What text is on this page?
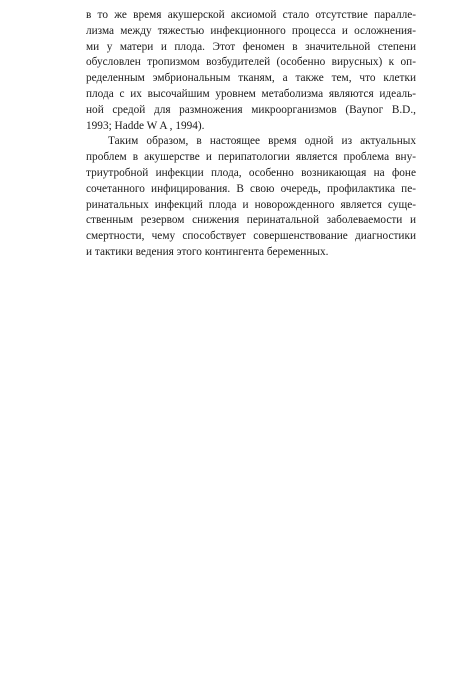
в то же время акушерской аксиомой стало отсутствие паралле-
лизма между тяжестью инфекционного процесса и осложнения-
ми у матери и плода. Этот феномен в значительной степени
обусловлен тропизмом возбудителей (особенно вирусных) к оп-
ределенным эмбриональным тканям, а также тем, что клетки
плода с их высочайшим уровнем метаболизма являются идеаль-
ной средой для размножения микроорганизмов (Bаynог B.D.,
1993; Hadde W A , 1994).
Таким образом, в настоящее время одной из актуальных
проблем в акушерстве и перипатологии является проблема вну-
триутробной инфекции плода, особенно возникающая на фоне
сочетанного инфицирования. В свою очередь, профилактика пе-
ринатальных инфекций плода и новорожденного является суще-
ственным резервом снижения перинатальной заболеваемости и
смертности, чему способствует совершенствование диагностики
и тактики ведения этого контингента беременных.
